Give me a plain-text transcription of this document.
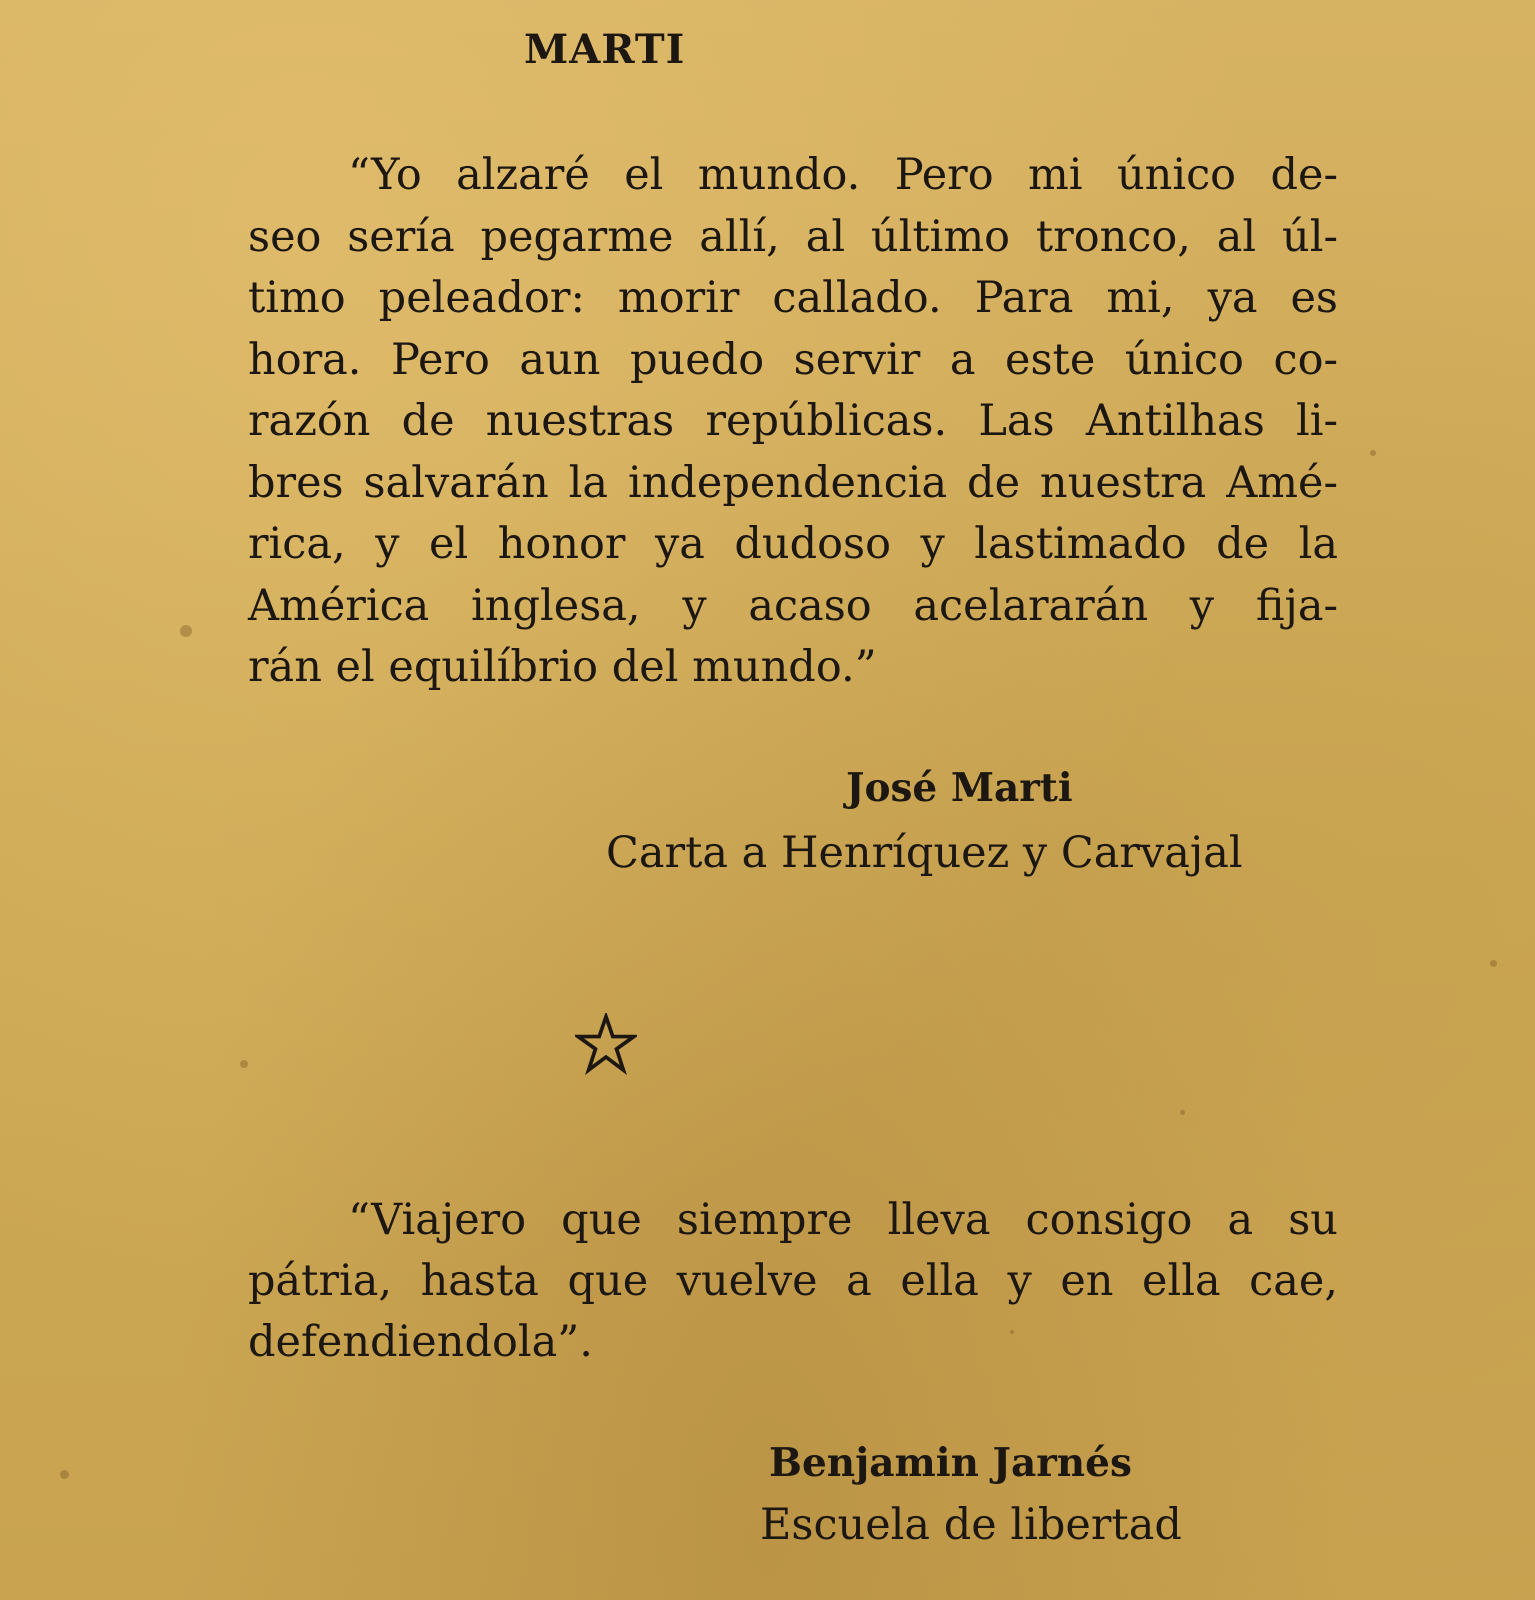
MARTI

“Yo alzaré el mundo. Pero mi único de-
seo sería pegarme allí, al último tronco, al úl-
timo peleador: morir callado. Para mi, ya es
hora. Pero aun puedo servir a este único co-
razón de nuestras repúblicas. Las Antilhas li-
bres salvarán la independencia de nuestra Amé-
rica, y el honor ya dudoso y lastimado de la
América inglesa, y acaso acelararán y fija-
rán el equilíbrio del mundo.”

José Marti

Carta a Henríquez y Carvajal

“Viajero que siempre lleva consigo a su
pátria, hasta que vuelve a ella y en ella cae,
defendiendola”.

Benjamin Jarnés

Escuela de libertad
